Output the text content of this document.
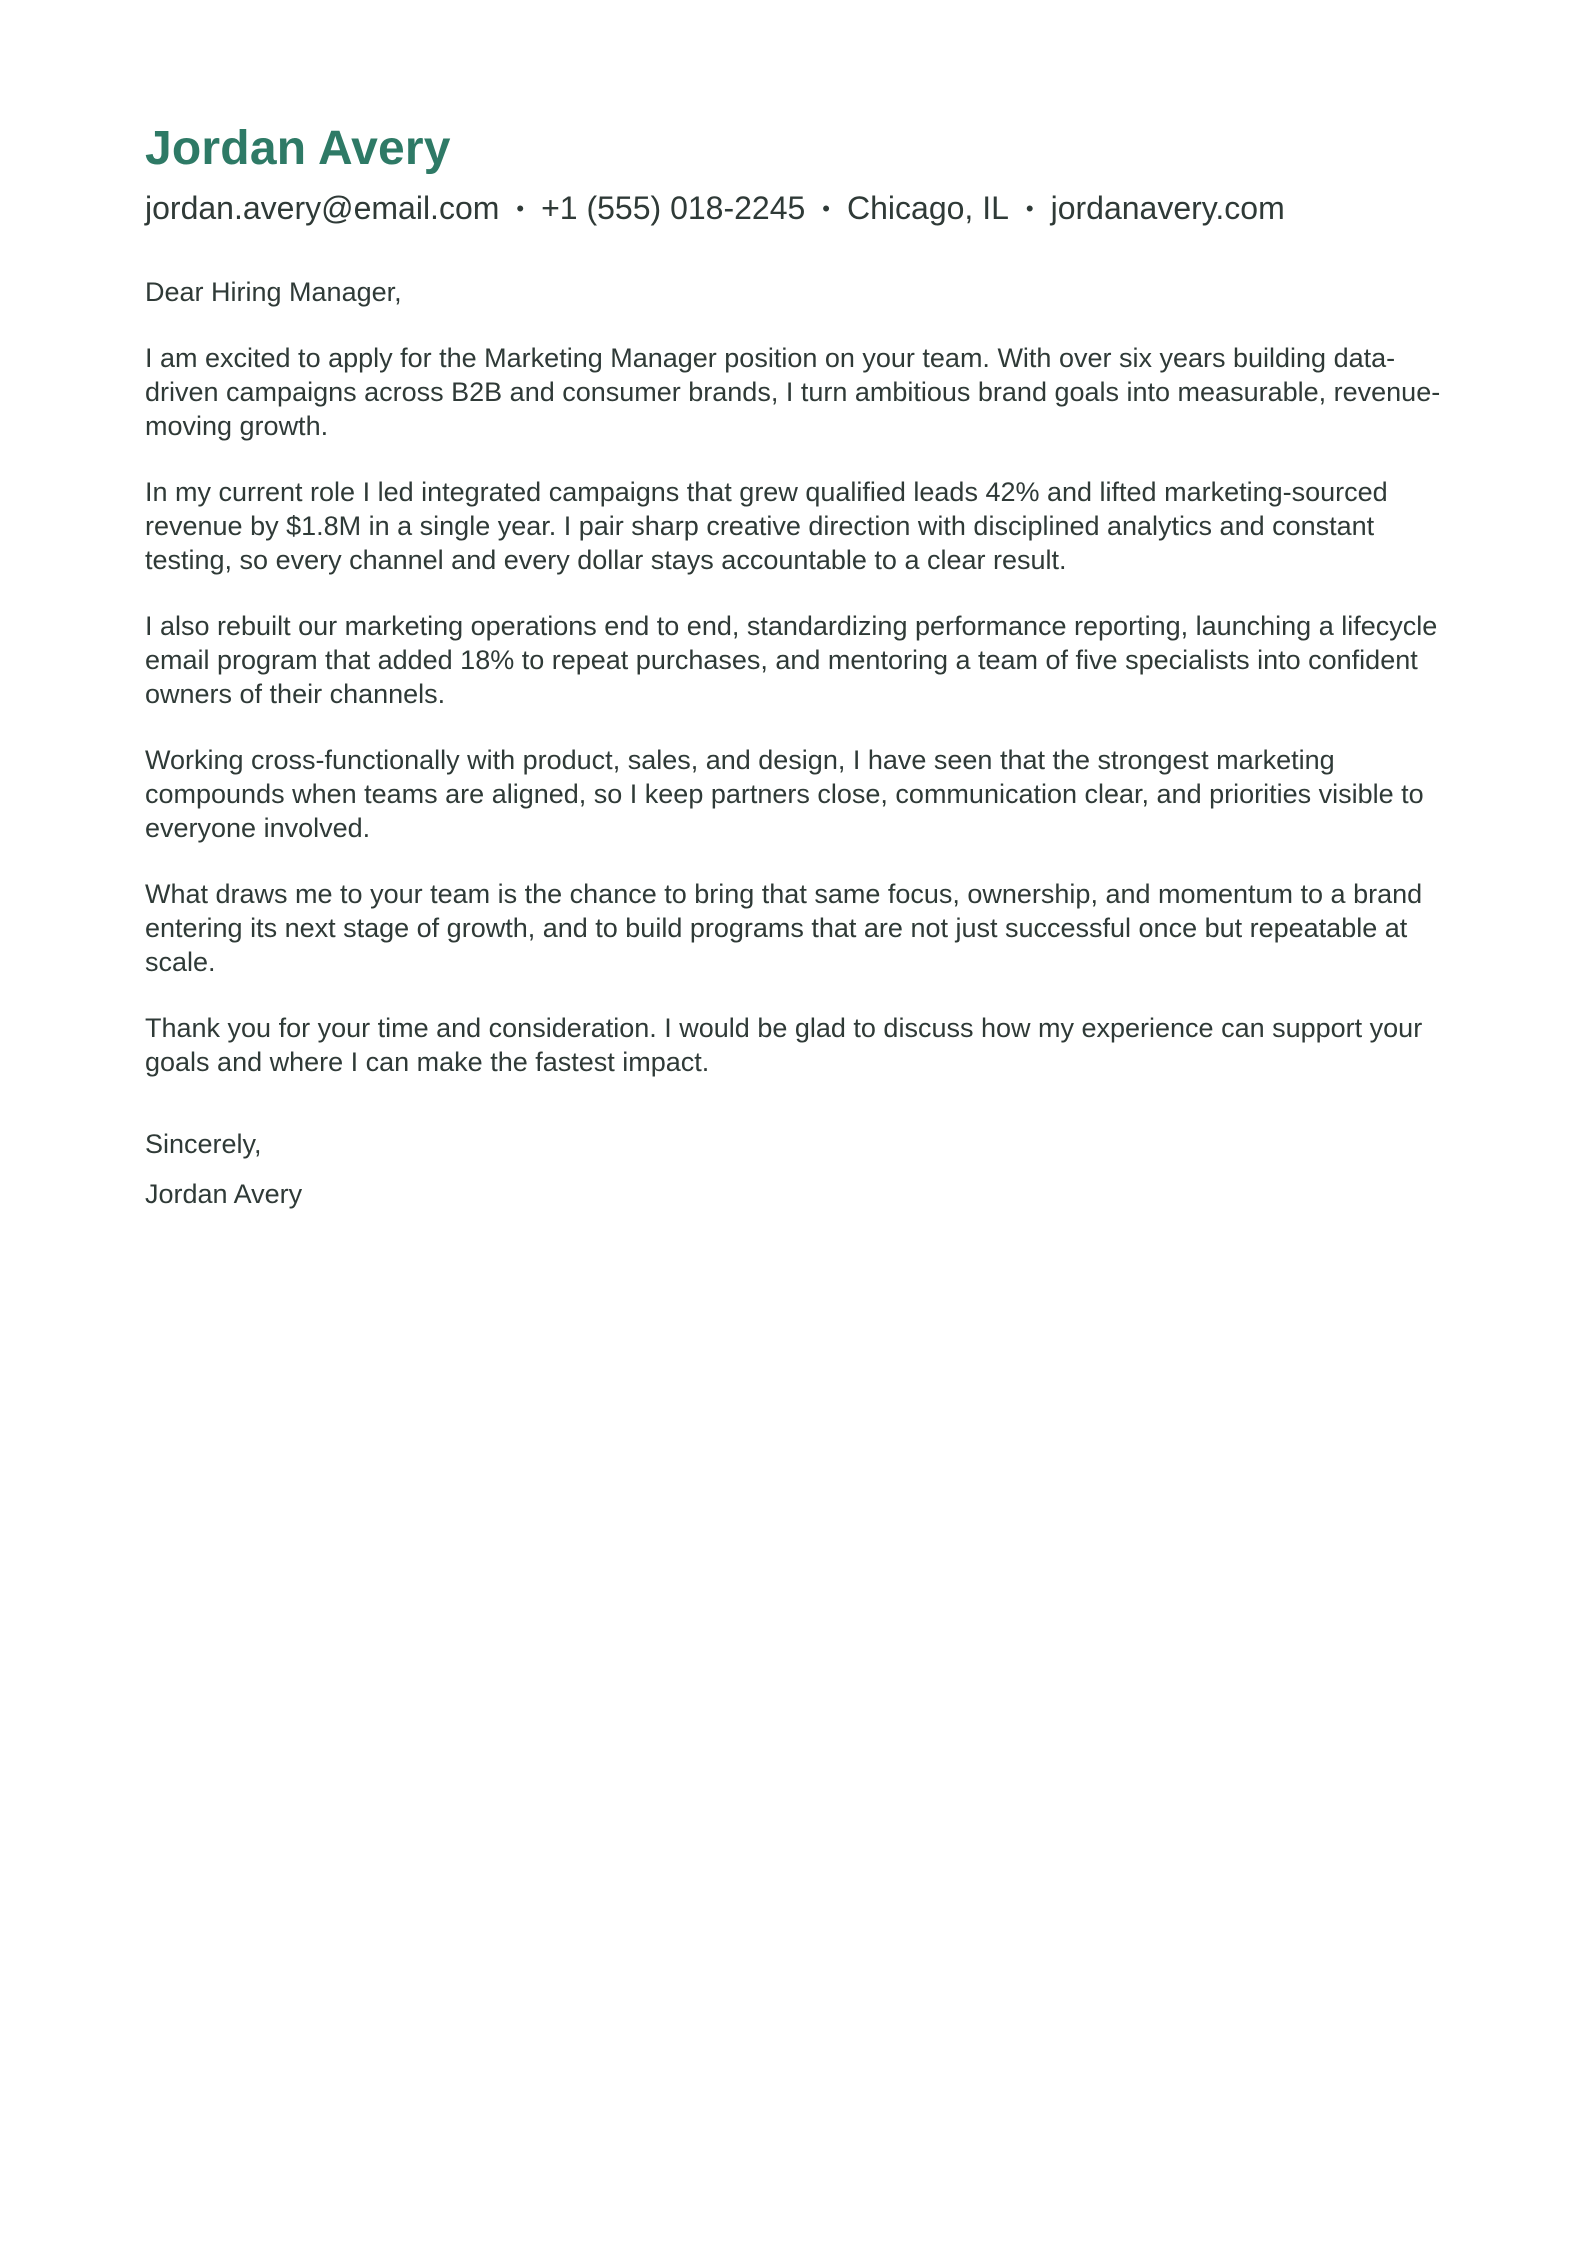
Jordan Avery
jordan.avery@email.com • +1 (555) 018-2245 • Chicago, IL • jordanavery.com

Dear Hiring Manager,

I am excited to apply for the Marketing Manager position on your team. With over six years building data-driven campaigns across B2B and consumer brands, I turn ambitious brand goals into measurable, revenue-moving growth.

In my current role I led integrated campaigns that grew qualified leads 42% and lifted marketing-sourced revenue by $1.8M in a single year. I pair sharp creative direction with disciplined analytics and constant testing, so every channel and every dollar stays accountable to a clear result.

I also rebuilt our marketing operations end to end, standardizing performance reporting, launching a lifecycle email program that added 18% to repeat purchases, and mentoring a team of five specialists into confident owners of their channels.

Working cross-functionally with product, sales, and design, I have seen that the strongest marketing compounds when teams are aligned, so I keep partners close, communication clear, and priorities visible to everyone involved.

What draws me to your team is the chance to bring that same focus, ownership, and momentum to a brand entering its next stage of growth, and to build programs that are not just successful once but repeatable at scale.

Thank you for your time and consideration. I would be glad to discuss how my experience can support your goals and where I can make the fastest impact.

Sincerely,
Jordan Avery
